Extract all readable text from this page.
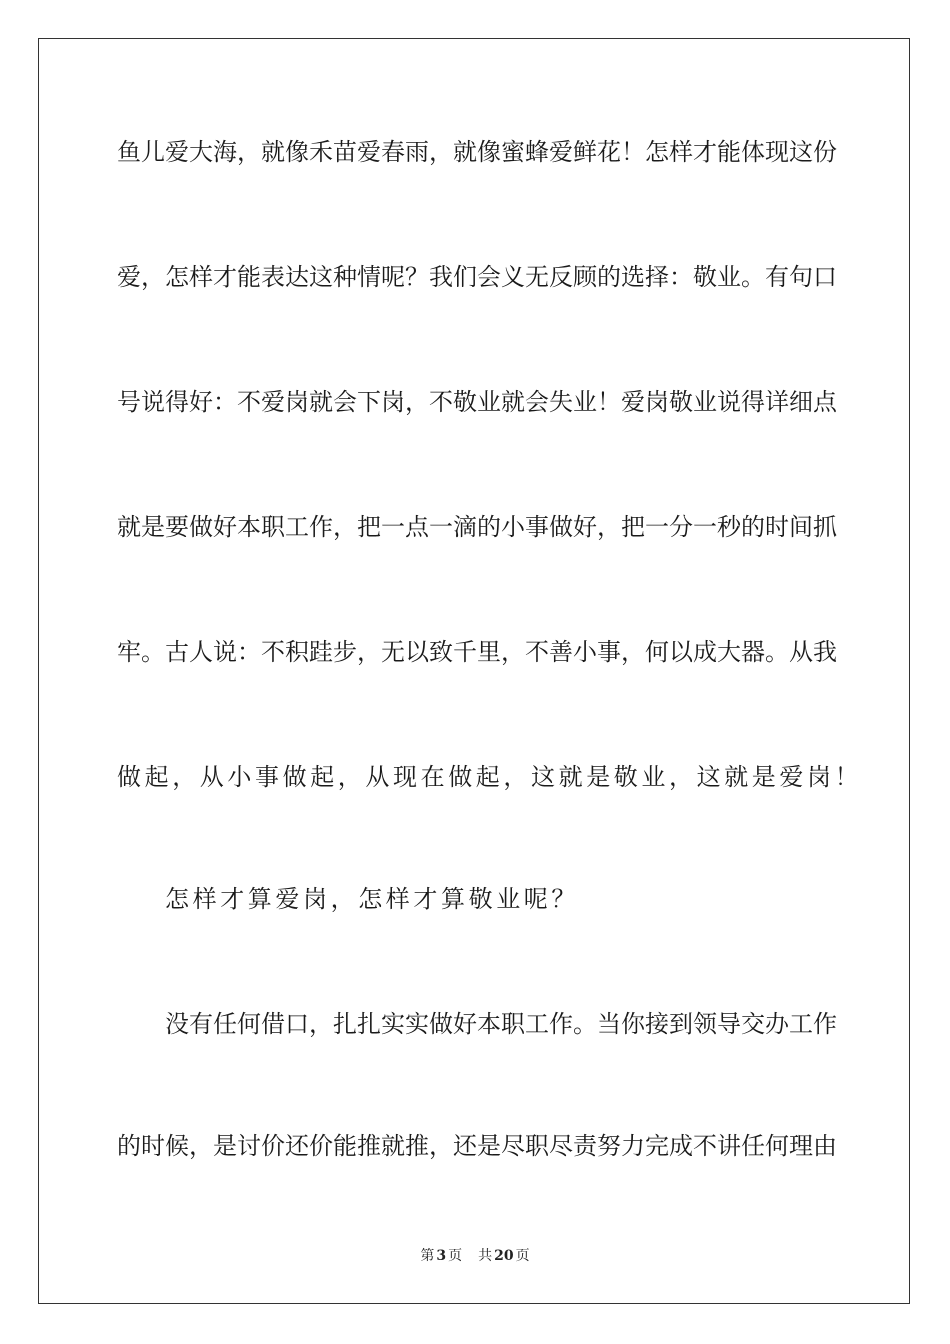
鱼儿爱大海，就像禾苗爱春雨，就像蜜蜂爱鲜花！怎样才能体现这份
爱，怎样才能表达这种情呢？我们会义无反顾的选择：敬业。有句口
号说得好：不爱岗就会下岗，不敬业就会失业！爱岗敬业说得详细点
就是要做好本职工作，把一点一滴的小事做好，把一分一秒的时间抓
牢。古人说：不积跬步，无以致千里，不善小事，何以成大器。从我
做起，从小事做起，从现在做起，这就是敬业，这就是爱岗！
怎样才算爱岗，怎样才算敬业呢？
没有任何借口，扎扎实实做好本职工作。当你接到领导交办工作
的时候，是讨价还价能推就推，还是尽职尽责努力完成不讲任何理由
第 3 页 共 20 页
